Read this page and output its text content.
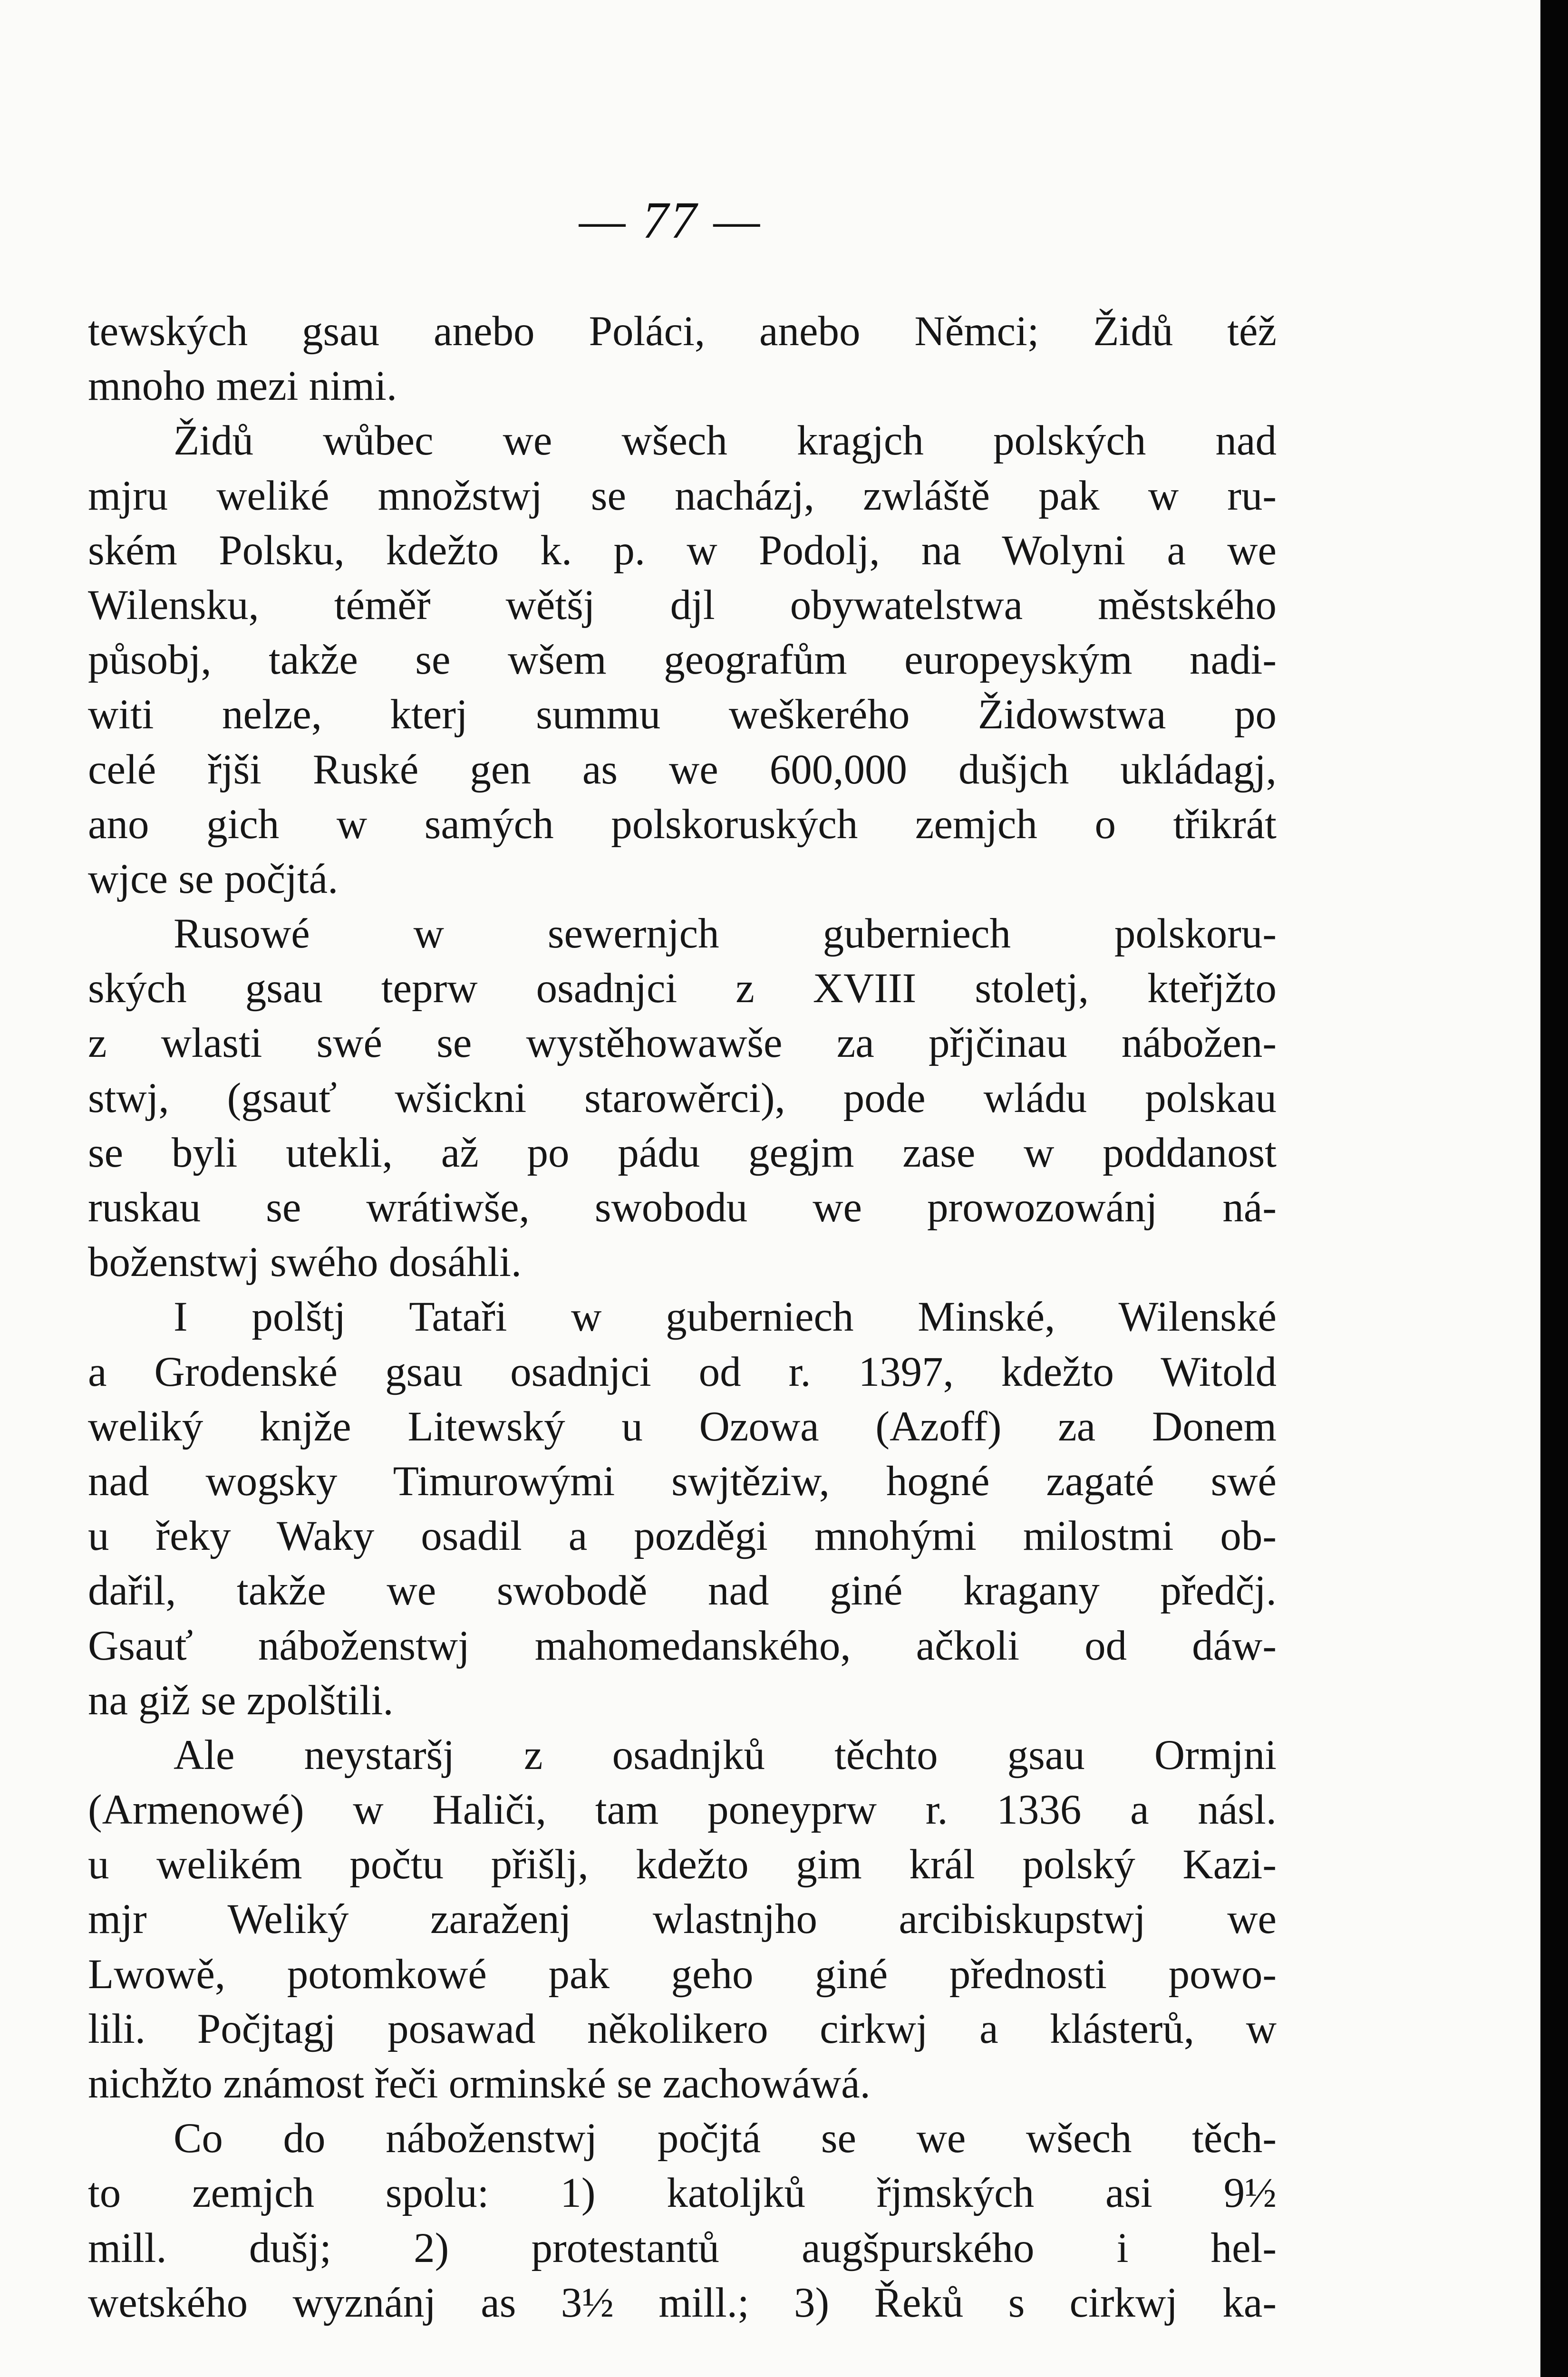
— 77 —
tewských gsau anebo Poláci, anebo Němci; Židů též
mnoho mezi nimi.
Židů wůbec we wšech kragjch polských nad
mjru weliké množstwj se nacházj, zwláště pak w ru-
ském Polsku, kdežto k. p. w Podolj, na Wolyni a we
Wilensku, téměř wětšj djl obywatelstwa městského
působj, takže se wšem geografům europeyským nadi-
witi nelze, kterj summu weškerého Židowstwa po
celé řjši Ruské gen as we 600,000 dušjch ukládagj,
ano gich w samých polskoruských zemjch o třikrát
wjce se počjtá.
Rusowé w sewernjch guberniech polskoru-
ských gsau teprw osadnjci z XVIII stoletj, kteřjžto
z wlasti swé se wystěhowawše za přjčinau nábožen-
stwj, (gsauť wšickni starowěrci), pode wládu polskau
se byli utekli, až po pádu gegjm zase w poddanost
ruskau se wrátiwše, swobodu we prowozowánj ná-
boženstwj swého dosáhli.
I polštj Tataři w guberniech Minské, Wilenské
a Grodenské gsau osadnjci od r. 1397, kdežto Witold
weliký knjže Litewský u Ozowa (Azoff) za Donem
nad wogsky Timurowými swjtěziw, hogné zagaté swé
u řeky Waky osadil a pozděgi mnohými milostmi ob-
dařil, takže we swobodě nad giné kragany předčj.
Gsauť náboženstwj mahomedanského, ačkoli od dáw-
na giž se zpolštili.
Ale neystaršj z osadnjků těchto gsau Ormjni
(Armenowé) w Haliči, tam poneyprw r. 1336 a násl.
u welikém počtu přišlj, kdežto gim král polský Kazi-
mjr Weliký zaraženj wlastnjho arcibiskupstwj we
Lwowě, potomkowé pak geho giné přednosti powo-
lili. Počjtagj posawad několikero cirkwj a klásterů, w
nichžto známost řeči orminské se zachowáwá.
Co do náboženstwj počjtá se we wšech těch-
to zemjch spolu: 1) katoljků řjmských asi 9½
mill. dušj; 2) protestantů augšpurského i hel-
wetského wyznánj as 3½ mill.; 3) Řeků s cirkwj ka-
